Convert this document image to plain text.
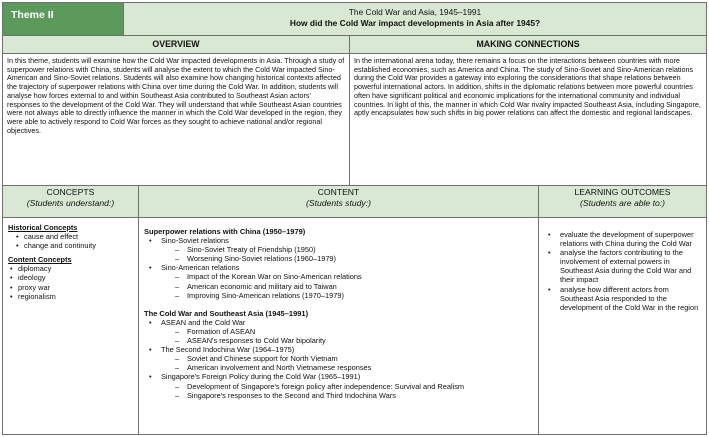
Theme II	The Cold War and Asia, 1945–1991
How did the Cold War impact developments in Asia after 1945?
OVERVIEW	MAKING CONNECTIONS
In this theme, students will examine how the Cold War impacted developments in Asia. Through a study of superpower relations with China, students will analyse the extent to which the Cold War impacted Sino-American and Sino-Soviet relations. Students will also examine how changing historical contexts affected the trajectory of superpower relations with China over time during the Cold War. In addition, students will analyse how forces external to and within Southeast Asia contributed to Southeast Asian actors' responses to the development of the Cold War. They will understand that while Southeast Asian countries were not always able to directly influence the manner in which the Cold War developed in the region, they were able to actively respond to Cold War forces as they sought to achieve national and/or regional objectives.
In the international arena today, there remains a focus on the interactions between countries with more established economies, such as America and China. The study of Sino-Soviet and Sino-American relations during the Cold War provides a gateway into exploring the considerations that shape relations between powerful international actors. In addition, shifts in the diplomatic relations between more powerful countries often have significant political and economic implications for the international community and individual countries. In light of this, the manner in which Cold War rivalry impacted Southeast Asia, including Singapore, aptly encapsulates how such shifts in big power relations can affect the domestic and regional landscapes.
CONCEPTS
(Students understand:)
CONTENT
(Students study:)
LEARNING OUTCOMES
(Students are able to:)
Historical Concepts
• cause and effect
• change and continuity
Content Concepts
• diplomacy
• ideology
• proxy war
• regionalism
Superpower relations with China (1950–1979)
• Sino-Soviet relations
– Sino-Soviet Treaty of Friendship (1950)
– Worsening Sino-Soviet relations (1960–1979)
• Sino-American relations
– Impact of the Korean War on Sino-American relations
– American economic and military aid to Taiwan
– Improving Sino-American relations (1970–1979)
The Cold War and Southeast Asia (1945–1991)
• ASEAN and the Cold War
– Formation of ASEAN
– ASEAN's responses to Cold War bipolarity
• The Second Indochina War (1964–1975)
– Soviet and Chinese support for North Vietnam
– American involvement and North Vietnamese responses
• Singapore's Foreign Policy during the Cold War (1965–1991)
– Development of Singapore's foreign policy after independence: Survival and Realism
– Singapore's responses to the Second and Third Indochina Wars
• evaluate the development of superpower relations with China during the Cold War
• analyse the factors contributing to the involvement of external powers in Southeast Asia during the Cold War and their impact
• analyse how different actors from Southeast Asia responded to the development of the Cold War in the region
